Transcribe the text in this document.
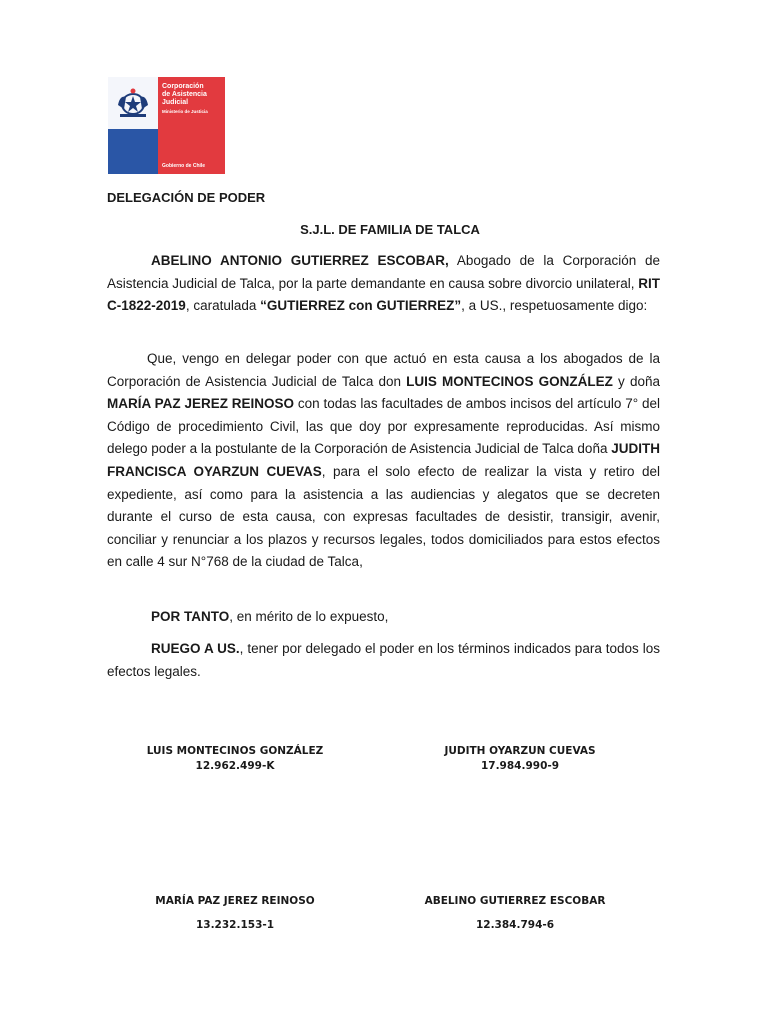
Corporación
de Asistencia
Judicial
Ministerio de Justicia
Gobierno de Chile
DELEGACIÓN DE PODER
S.J.L. DE FAMILIA DE TALCA

ABELINO ANTONIO GUTIERREZ ESCOBAR, Abogado de la Corporación de Asistencia Judicial de Talca, por la parte demandante en causa sobre divorcio unilateral, RIT C-1822-2019, caratulada “GUTIERREZ con GUTIERREZ”, a US., respetuosamente digo:

Que, vengo en delegar poder con que actuó en esta causa a los abogados de la Corporación de Asistencia Judicial de Talca don LUIS MONTECINOS GONZÁLEZ y doña MARÍA PAZ JEREZ REINOSO con todas las facultades de ambos incisos del artículo 7° del Código de procedimiento Civil, las que doy por expresamente reproducidas. Así mismo delego poder a la postulante de la Corporación de Asistencia Judicial de Talca doña JUDITH FRANCISCA OYARZUN CUEVAS, para el solo efecto de realizar la vista y retiro del expediente, así como para la asistencia a las audiencias y alegatos que se decreten durante el curso de esta causa, con expresas facultades de desistir, transigir, avenir, conciliar y renunciar a los plazos y recursos legales, todos domiciliados para estos efectos en calle 4 sur N°768 de la ciudad de Talca,

POR TANTO, en mérito de lo expuesto,

RUEGO A US., tener por delegado el poder en los términos indicados para todos los efectos legales.

LUIS MONTECINOS GONZÁLEZ
12.962.499-K
JUDITH OYARZUN CUEVAS
17.984.990-9
MARÍA PAZ JEREZ REINOSO
13.232.153-1
ABELINO GUTIERREZ ESCOBAR
12.384.794-6
